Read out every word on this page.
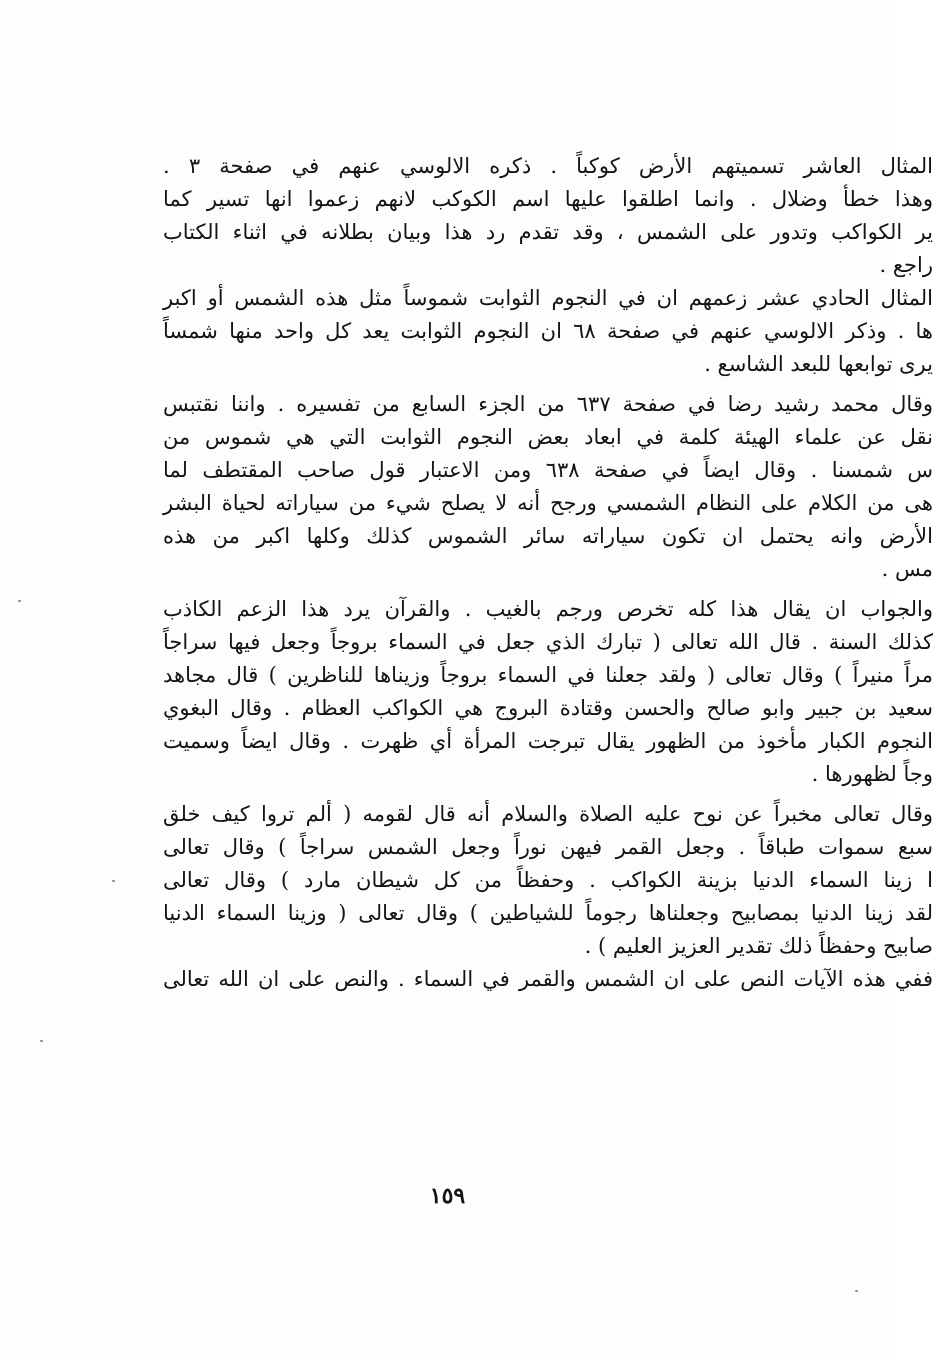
المثال العاشر تسميتهم الأرض كوكباً . ذكره الالوسي عنهم في صفحة ٣ .
وهذا خطأ وضلال . وانما اطلقوا عليها اسم الكوكب لانهم زعموا انها تسير كما
ير الكواكب وتدور على الشمس ، وقد تقدم رد هذا وبيان بطلانه في اثناء الكتاب
راجع .
المثال الحادي عشر زعمهم ان في النجوم الثوابت شموساً مثل هذه الشمس أو اكبر
ها . وذكر الالوسي عنهم في صفحة ٦٨ ان النجوم الثوابت يعد كل واحد منها شمساً
يرى توابعها للبعد الشاسع .
وقال محمد رشيد رضا في صفحة ٦٣٧ من الجزء السابع من تفسيره . واننا نقتبس
نقل عن علماء الهيئة كلمة في ابعاد بعض النجوم الثوابت التي هي شموس من
س شمسنا . وقال ايضاً في صفحة ٦٣٨ ومن الاعتبار قول صاحب المقتطف لما
هى من الكلام على النظام الشمسي ورجح أنه لا يصلح شيء من سياراته لحياة البشر
الأرض وانه يحتمل ان تكون سياراته سائر الشموس كذلك وكلها اكبر من هذه
مس .
والجواب ان يقال هذا كله تخرص ورجم بالغيب . والقرآن يرد هذا الزعم الكاذب
كذلك السنة . قال الله تعالى ( تبارك الذي جعل في السماء بروجاً وجعل فيها سراجاً
مراً منيراً ) وقال تعالى ( ولقد جعلنا في السماء بروجاً وزيناها للناظرين ) قال مجاهد
سعيد بن جبير وابو صالح والحسن وقتادة البروج هي الكواكب العظام . وقال البغوي
النجوم الكبار مأخوذ من الظهور يقال تبرجت المرأة أي ظهرت . وقال ايضاً وسميت
وجاً لظهورها .
وقال تعالى مخبراً عن نوح عليه الصلاة والسلام أنه قال لقومه ( ألم تروا كيف خلق
سبع سموات طباقاً . وجعل القمر فيهن نوراً وجعل الشمس سراجاً ) وقال تعالى
ا زينا السماء الدنيا بزينة الكواكب . وحفظاً من كل شيطان مارد ) وقال تعالى
لقد زينا الدنيا بمصابيح وجعلناها رجوماً للشياطين ) وقال تعالى ( وزينا السماء الدنيا
صابيح وحفظاً ذلك تقدير العزيز العليم ) .
ففي هذه الآيات النص على ان الشمس والقمر في السماء . والنص على ان الله تعالى
١٥٩
